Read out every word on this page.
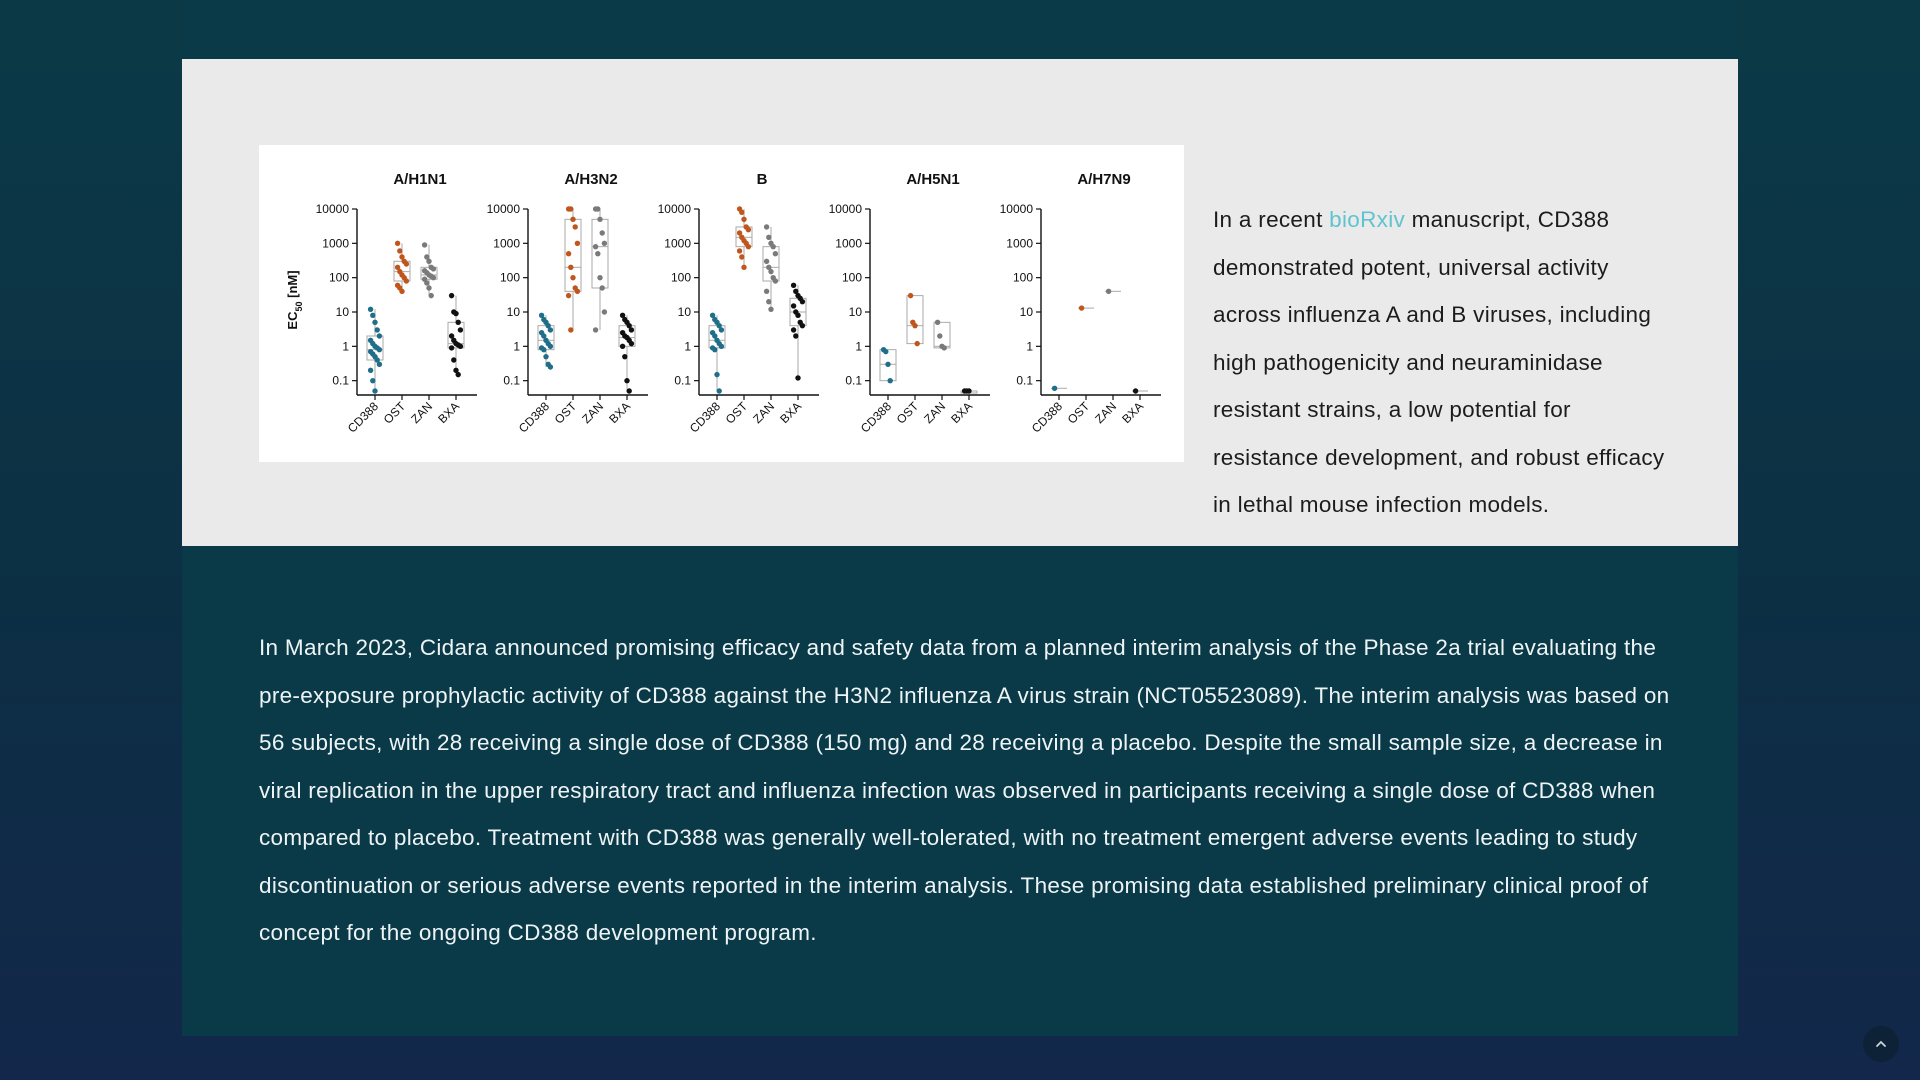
$EC_{50}$ [nM]
A/H1N1
10000
1000
100
10
1
0.1
CD388 OST ZAN BXA
A/H3N2
10000
1000
100
10
1
0.1
CD388 OST ZAN BXA
B
10000
1000
100
10
1
0.1
CD388 OST ZAN BXA
A/H5N1
10000
1000
100
10
1
0.1
CD388 OST ZAN BXA
A/H7N9
10000
1000
100
10
1
0.1
CD388 OST ZAN BXA

In a recent bioRxiv manuscript, CD388 demonstrated potent, universal activity across influenza A and B viruses, including high pathogenicity and neuraminidase resistant strains, a low potential for resistance development, and robust efficacy in lethal mouse infection models.

In March 2023, Cidara announced promising efficacy and safety data from a planned interim analysis of the Phase 2a trial evaluating the pre-exposure prophylactic activity of CD388 against the H3N2 influenza A virus strain (NCT05523089). The interim analysis was based on 56 subjects, with 28 receiving a single dose of CD388 (150 mg) and 28 receiving a placebo. Despite the small sample size, a decrease in viral replication in the upper respiratory tract and influenza infection was observed in participants receiving a single dose of CD388 when compared to placebo. Treatment with CD388 was generally well-tolerated, with no treatment emergent adverse events leading to study discontinuation or serious adverse events reported in the interim analysis. These promising data established preliminary clinical proof of concept for the ongoing CD388 development program.
